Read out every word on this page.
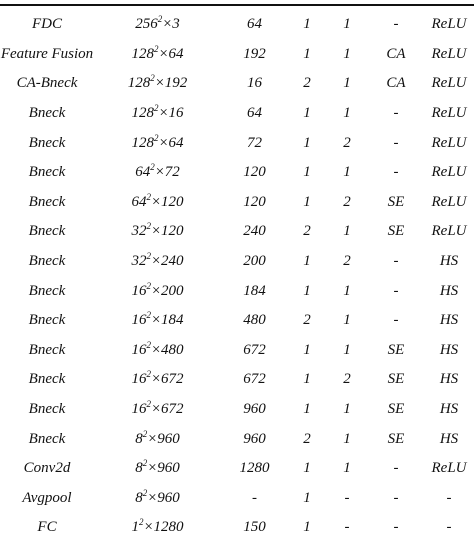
FDC	$256^2\times 3$	64	1	1	-	ReLU
Feature Fusion	$128^2\times 64$	192	1	1	CA	ReLU
CA-Bneck	$128^2\times 192$	16	2	1	CA	ReLU
Bneck	$128^2\times 16$	64	1	1	-	ReLU
Bneck	$128^2\times 64$	72	1	2	-	ReLU
Bneck	$64^2\times 72$	120	1	1	-	ReLU
Bneck	$64^2\times 120$	120	1	2	SE	ReLU
Bneck	$32^2\times 120$	240	2	1	SE	ReLU
Bneck	$32^2\times 240$	200	1	2	-	HS
Bneck	$16^2\times 200$	184	1	1	-	HS
Bneck	$16^2\times 184$	480	2	1	-	HS
Bneck	$16^2\times 480$	672	1	1	SE	HS
Bneck	$16^2\times 672$	672	1	2	SE	HS
Bneck	$16^2\times 672$	960	1	1	SE	HS
Bneck	$8^2\times 960$	960	2	1	SE	HS
Conv2d	$8^2\times 960$	1280	1	1	-	ReLU
Avgpool	$8^2\times 960$	-	1	-	-	-
FC	$1^2\times 1280$	150	1	-	-	-
